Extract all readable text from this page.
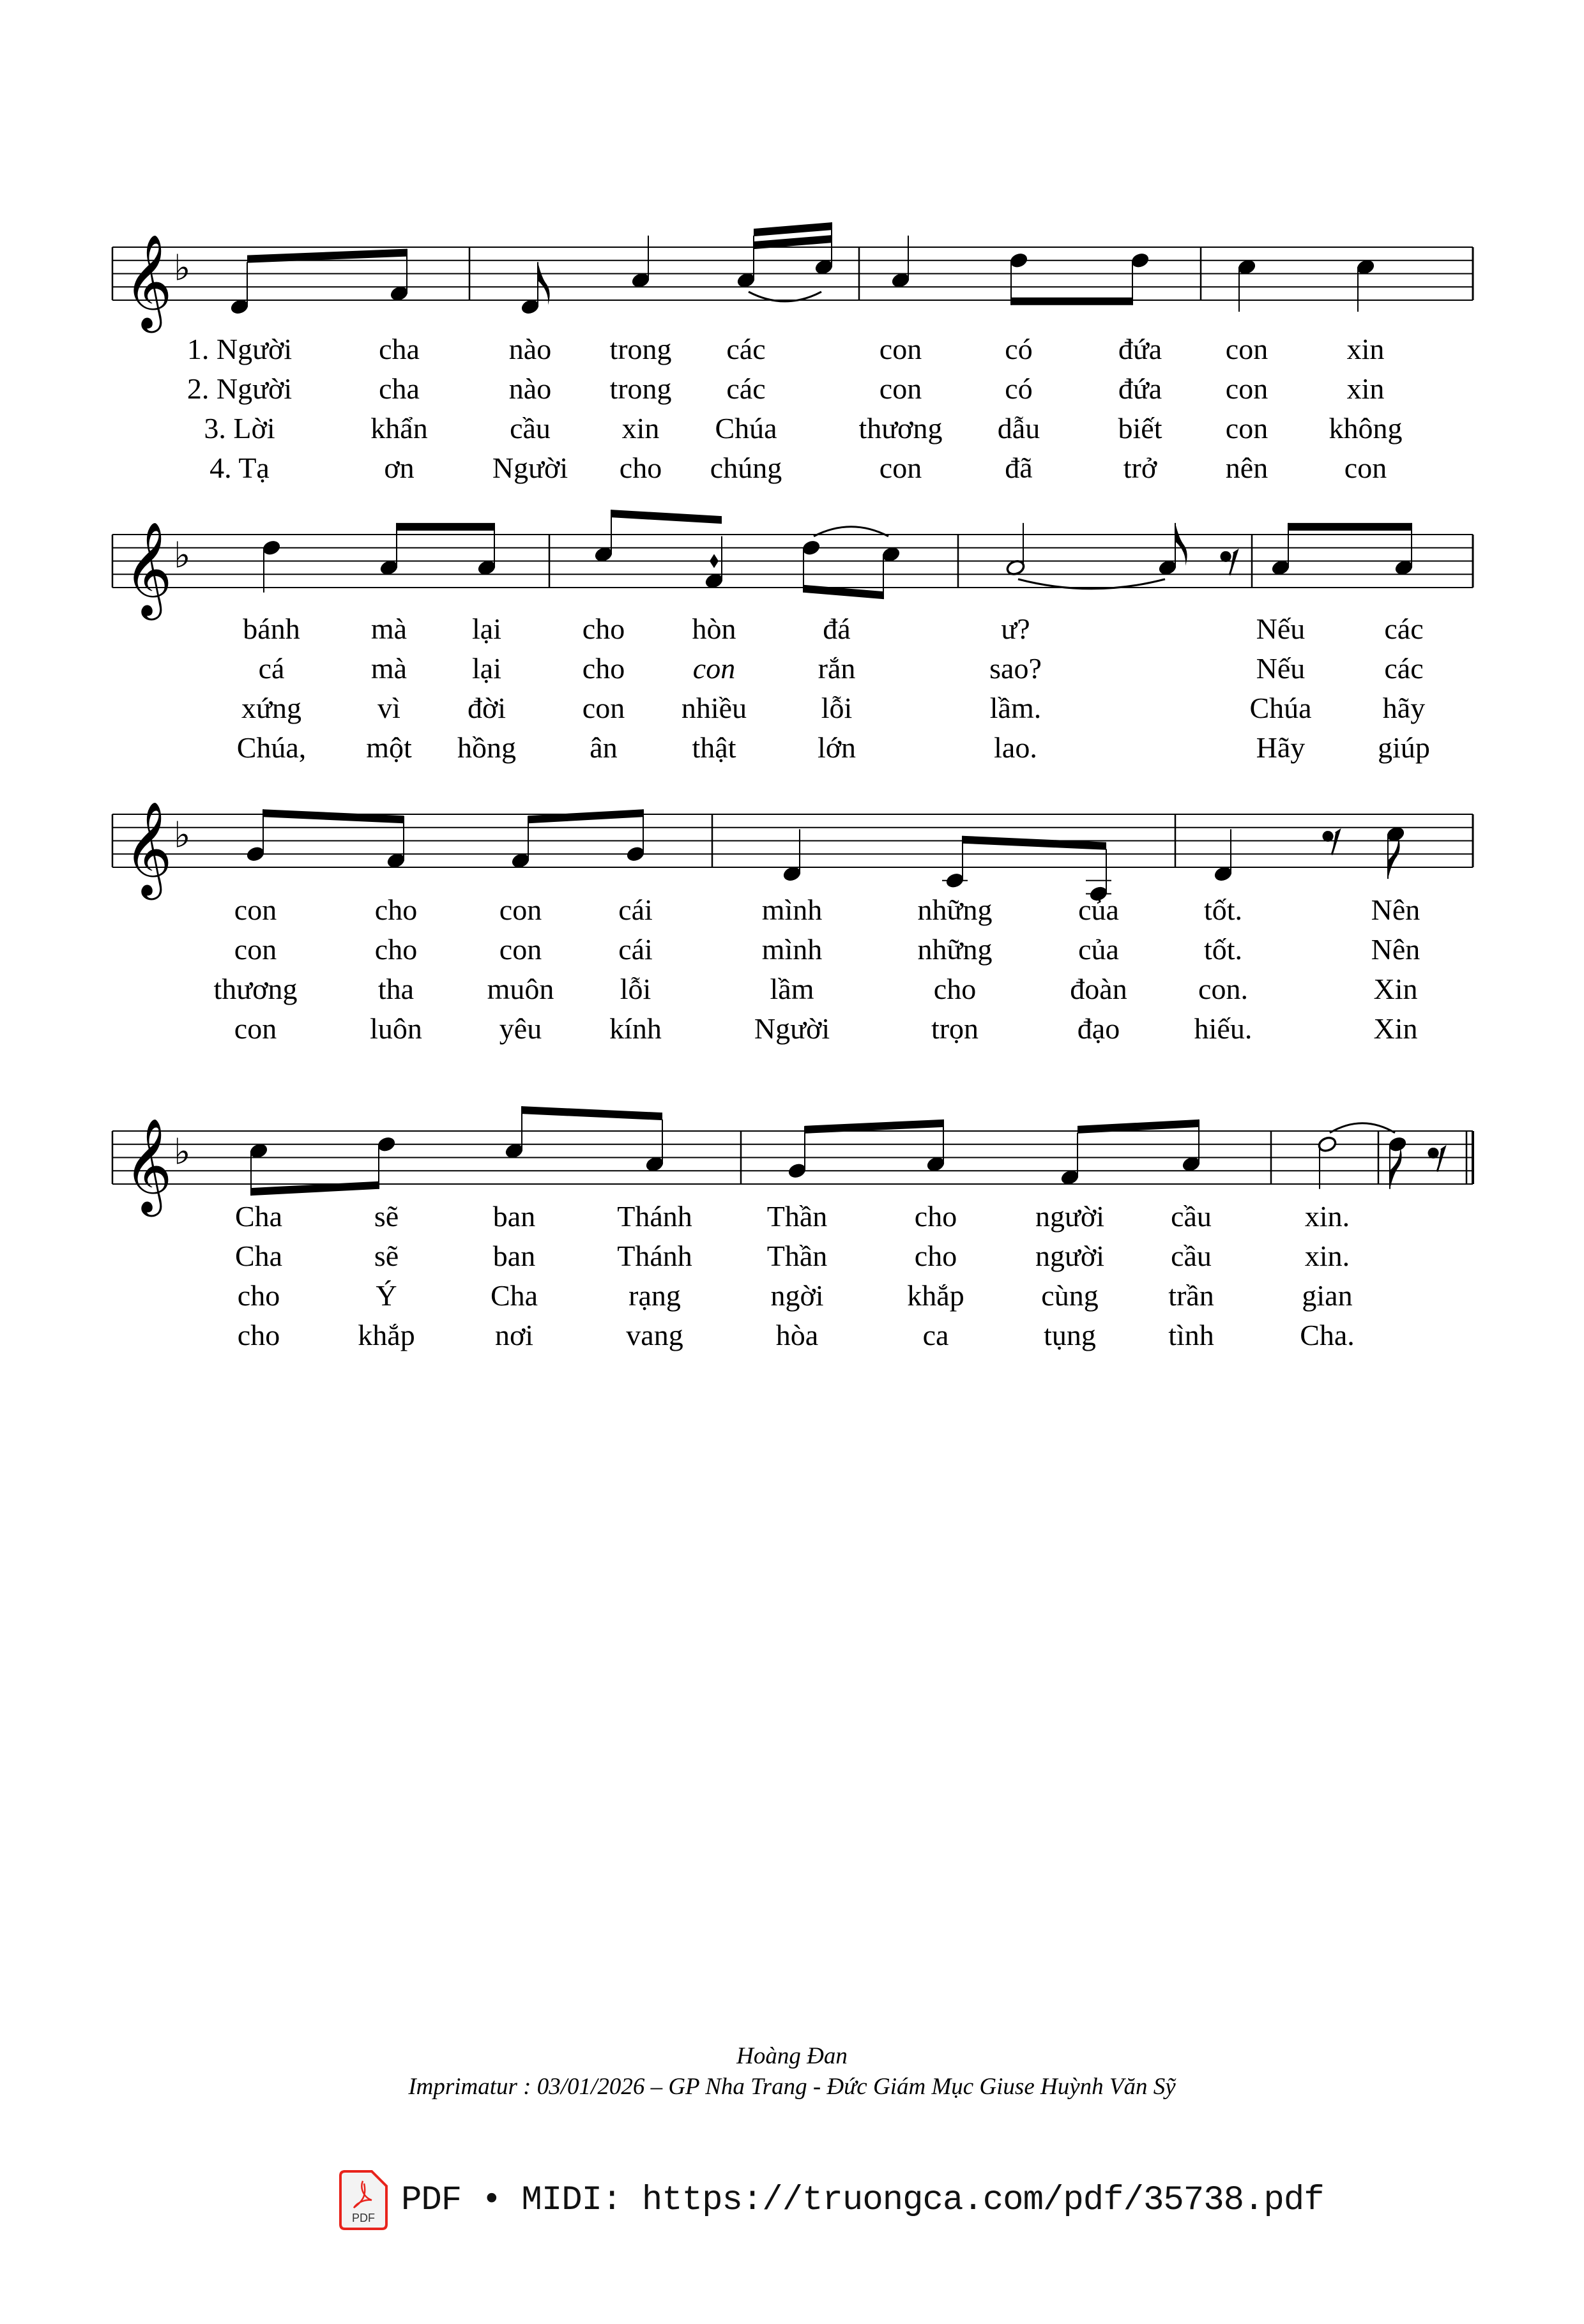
𝄞 ♭
1. Người	cha	nào trong các	con	có	đứa con	xin
2. Người	cha	nào trong các	con	có	đứa con	xin
3. Lời	khẩn	cầu xin Chúa	thương dẫu	biết con không
4. Tạ	ơn	Người cho chúng	con	đã	trở nên	con
𝄞 ♭
bánh mà lại	cho hòn	đá	ư?	Nếu	các
cá	mà lại	cho con	rắn	sao?	Nếu	các
xứng	vì đời	con nhiều	lỗi	lầm.	Chúa hãy
Chúa, một hồng	ân	thật	lớn	lao.	Hãy giúp
𝄞 ♭
con	cho	con	cái	mình	những	của	tốt.	Nên
con	cho	con	cái	mình	những	của	tốt.	Nên
thương	tha muôn lỗi	lầm	cho	đoàn con.	Xin
con	luôn	yêu kính	Người	trọn	đạo	hiếu.	Xin
𝄞 ♭
Cha	sẽ	ban	Thánh	Thần	cho	người cầu	xin.
Cha	sẽ	ban	Thánh	Thần	cho	người cầu	xin.
cho	Ý	Cha	rạng	ngời	khắp	cùng trần	gian
cho	khắp	nơi	vang	hòa	ca	tụng tình	Cha.
Hoàng Đan
Imprimatur : 03/01/2026 – GP Nha Trang - Đức Giám Mục Giuse Huỳnh Văn Sỹ
PDF PDF • MIDI: https://truongca.com/pdf/35738.pdf
